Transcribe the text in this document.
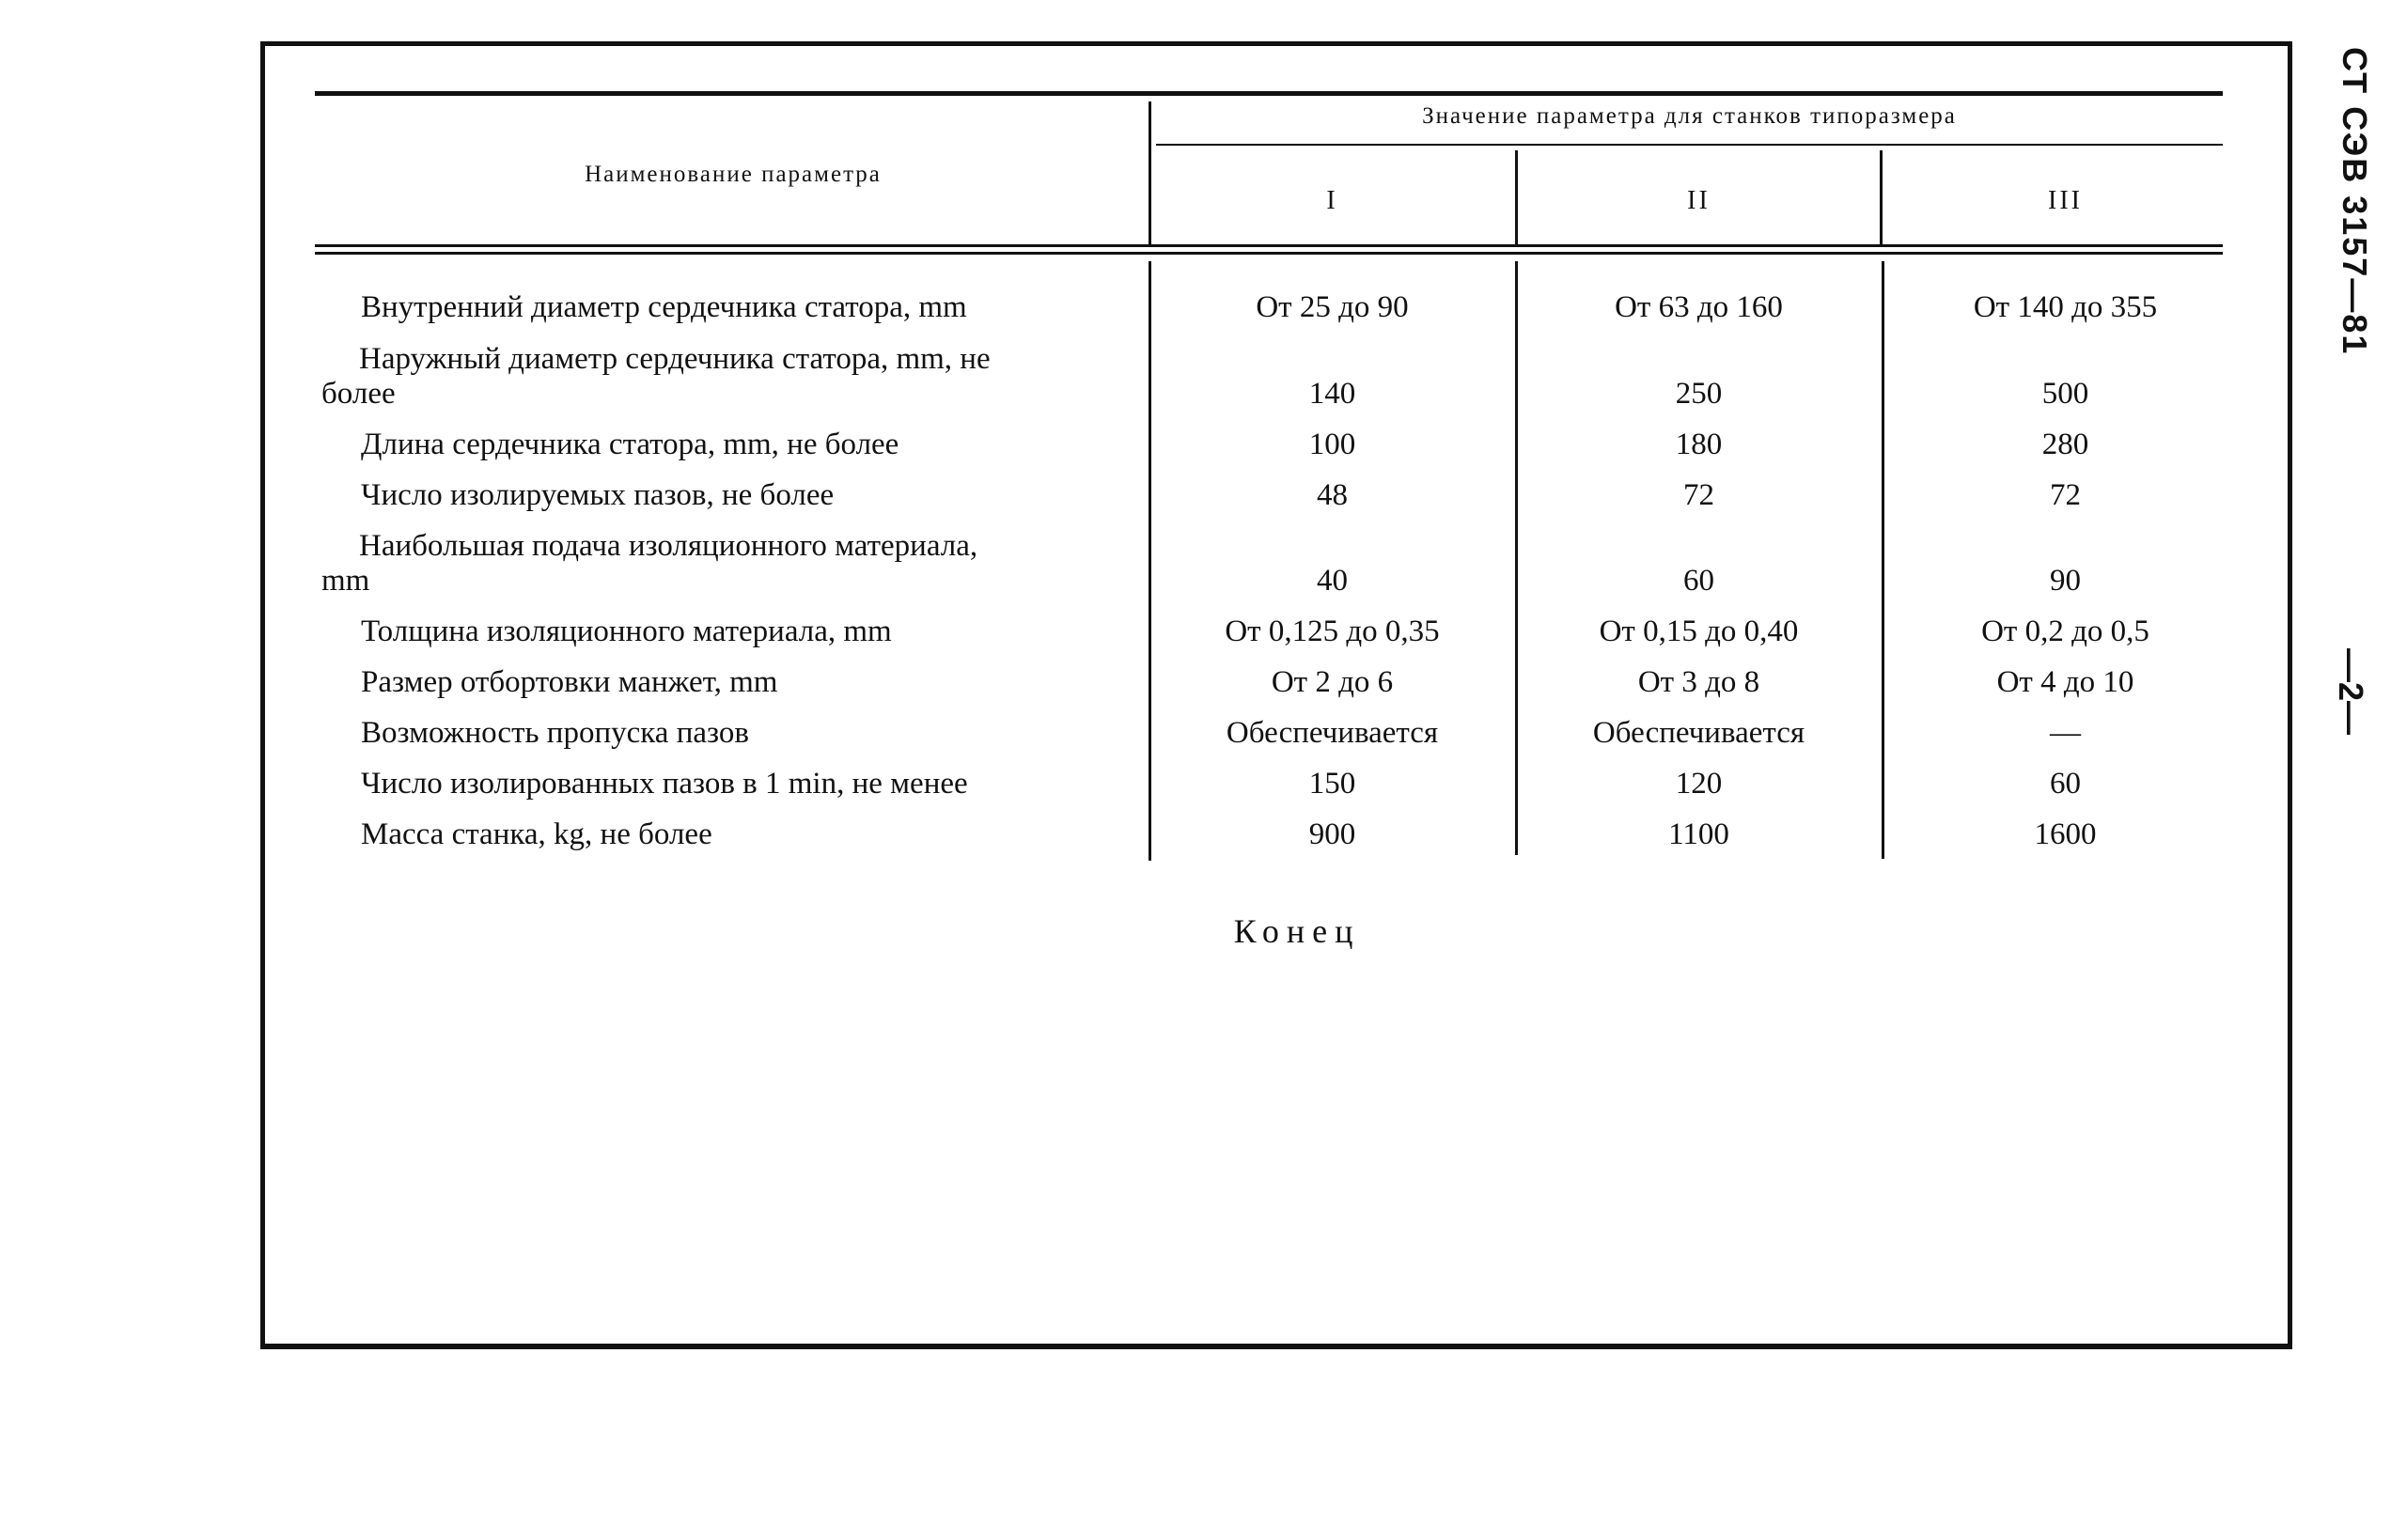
СТ СЭВ 3157—81
—2—
Наименование параметра
Значение параметра для станков типоразмера
I	II	III
Внутренний диаметр сердечника статора, mm	От 25 до 90	От 63 до 160	От 140 до 355
Наружный диаметр сердечника статора, mm, не
более	140	250	500
Длина сердечника статора, mm, не более	100	180	280
Число изолируемых пазов, не более	48	72	72
Наибольшая подача изоляционного материала,
mm	40	60	90
Толщина изоляционного материала, mm	От 0,125 до 0,35	От 0,15 до 0,40	От 0,2 до 0,5
Размер отбортовки манжет, mm	От 2 до 6	От 3 до 8	От 4 до 10
Возможность пропуска пазов	Обеспечивается	Обеспечивается	—
Число изолированных пазов в 1 min, не менее	150	120	60
Масса станка, kg, не более	900	1100	1600
Конец
